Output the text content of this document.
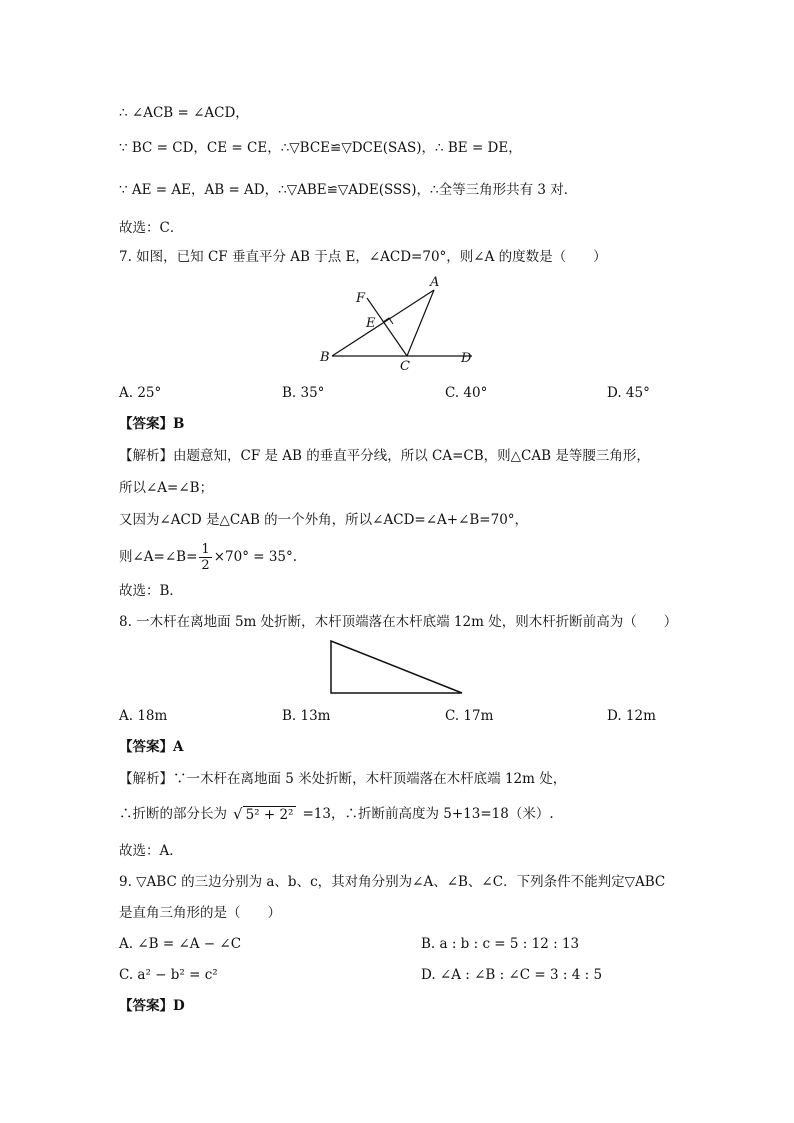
∴ ∠ACB = ∠ACD，
∵ BC = CD，CE = CE，∴▽BCE≌▽DCE(SAS)，∴ BE = DE，
∵ AE = AE，AB = AD，∴▽ABE≌▽ADE(SSS)，∴全等三角形共有 3 对．
故选：C．
7. 如图，已知 CF 垂直平分 AB 于点 E，∠ACD=70°，则∠A 的度数是（　　）
A
B
C
D
E
F
A. 25°	B. 35°	C. 40°	D. 45°
【答案】B
【解析】由题意知，CF 是 AB 的垂直平分线，所以 CA=CB，则△CAB 是等腰三角形，
所以∠A=∠B；
又因为∠ACD 是△CAB 的一个外角，所以∠ACD=∠A+∠B=70°，
则∠A=∠B= $\frac{1}{2} \times 70^\circ = 35^\circ$.
故选：B．
8. 一木杆在离地面 5m 处折断，木杆顶端落在木杆底端 12m 处，则木杆折断前高为（　　）
A. 18m	B. 13m	C. 17m	D. 12m
【答案】A
【解析】∵一木杆在离地面 5 米处折断，木杆顶端落在木杆底端 12m 处，
∴折断的部分长为 √ 5² + 2² =13，∴折断前高度为 5+13=18（米）.
故选：A．
9. ▽ABC 的三边分别为 a、b、c，其对角分别为∠A、∠B、∠C．下列条件不能判定▽ABC
是直角三角形的是（　　）
A. ∠B = ∠A − ∠C	B. a : b : c = 5 : 12 : 13
C. a² − b² = c²	D. ∠A : ∠B : ∠C = 3 : 4 : 5
【答案】D
